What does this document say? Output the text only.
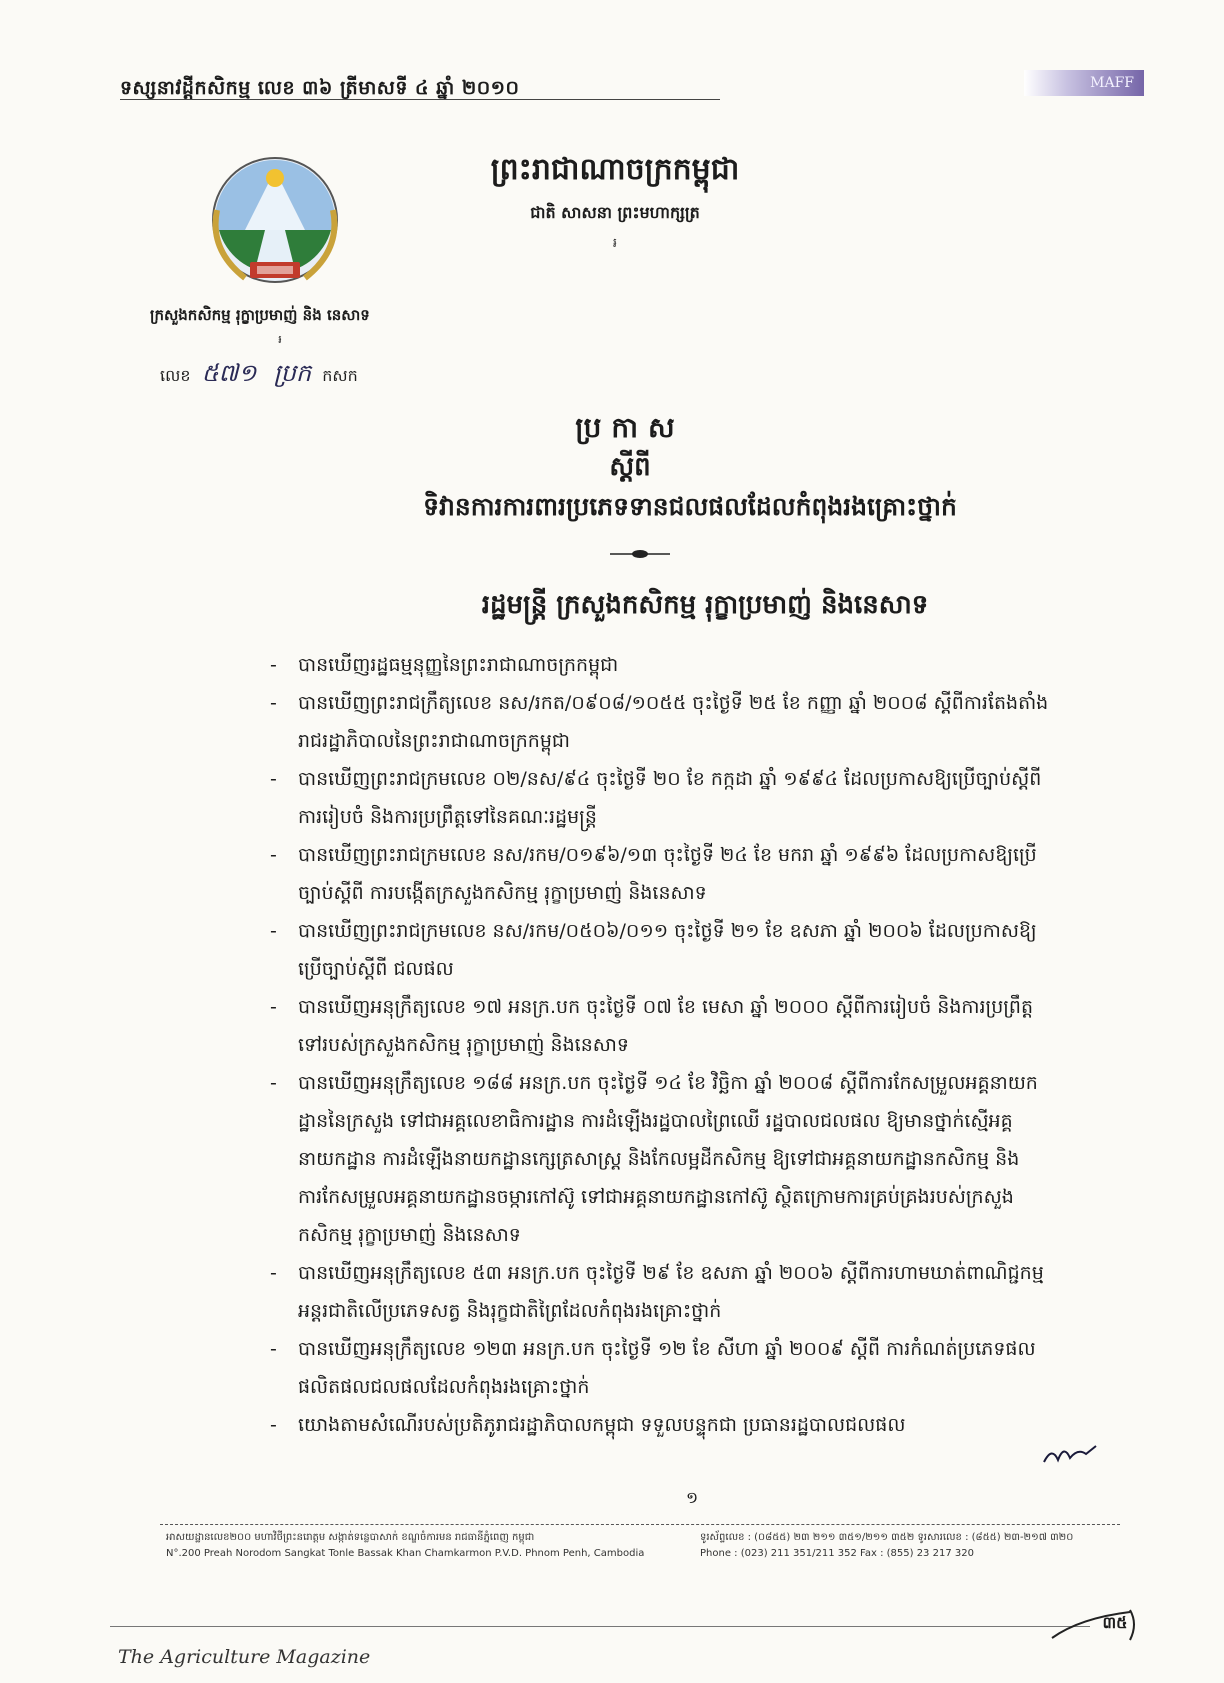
ទស្សនាវដ្តីកសិកម្ម លេខ ៣៦ ត្រីមាសទី ៤ ឆ្នាំ ២០១០	MAFF
ព្រះរាជាណាចក្រកម្ពុជា
ជាតិ សាសនា ព្រះមហាក្សត្រ
៛
ក្រសួងកសិកម្ម រុក្ខាប្រមាញ់ និង នេសាទ
៛
លេខ ៥៧១ ប្រក កសក
ប្រកាស
ស្តីពី
ទិវានការការពារប្រភេទទានជលផលដែលកំពុងរងគ្រោះថ្នាក់
រដ្ឋមន្ត្រី ក្រសួងកសិកម្ម រុក្ខាប្រមាញ់ និងនេសាទ
- បានឃើញរដ្ឋធម្មនុញ្ញនៃព្រះរាជាណាចក្រកម្ពុជា
- បានឃើញព្រះរាជក្រឹត្យលេខ នស/រកត/០៩០៨/១០៥៥ ចុះថ្ងៃទី ២៥ ខែ កញ្ញា ឆ្នាំ ២០០៨ ស្តីពីការតែងតាំងរាជរដ្ឋាភិបាលនៃព្រះរាជាណាចក្រកម្ពុជា
- បានឃើញព្រះរាជក្រមលេខ ០២/នស/៩៤ ចុះថ្ងៃទី ២០ ខែ កក្កដា ឆ្នាំ ១៩៩៤ ដែលប្រកាសឱ្យប្រើច្បាប់ស្តីពីការរៀបចំ និងការប្រព្រឹត្តទៅនៃគណៈរដ្ឋមន្ត្រី
- បានឃើញព្រះរាជក្រមលេខ នស/រកម/០១៩៦/១៣ ចុះថ្ងៃទី ២៤ ខែ មករា ឆ្នាំ ១៩៩៦ ដែលប្រកាសឱ្យប្រើច្បាប់ស្តីពី ការបង្កើតក្រសួងកសិកម្ម រុក្ខាប្រមាញ់ និងនេសាទ
- បានឃើញព្រះរាជក្រមលេខ នស/រកម/០៥០៦/០១១ ចុះថ្ងៃទី ២១ ខែ ឧសភា ឆ្នាំ ២០០៦ ដែលប្រកាសឱ្យប្រើច្បាប់ស្តីពី ជលផល
- បានឃើញអនុក្រឹត្យលេខ ១៧ អនក្រ.បក ចុះថ្ងៃទី ០៧ ខែ មេសា ឆ្នាំ ២០០០ ស្តីពីការរៀបចំ និងការប្រព្រឹត្តទៅរបស់ក្រសួងកសិកម្ម រុក្ខាប្រមាញ់ និងនេសាទ
- បានឃើញអនុក្រឹត្យលេខ ១៨៨ អនក្រ.បក ចុះថ្ងៃទី ១៤ ខែ វិច្ឆិកា ឆ្នាំ ២០០៨ ស្តីពីការកែសម្រួលអគ្គនាយកដ្ឋាននៃក្រសួង ទៅជាអគ្គលេខាធិការដ្ឋាន ការដំឡើងរដ្ឋបាលព្រៃឈើ រដ្ឋបាលជលផល ឱ្យមានថ្នាក់ស្មើអគ្គនាយកដ្ឋាន ការដំឡើងនាយកដ្ឋានក្សេត្រសាស្ត្រ និងកែលម្អដីកសិកម្ម ឱ្យទៅជាអគ្គនាយកដ្ឋានកសិកម្ម និងការកែសម្រួលអគ្គនាយកដ្ឋានចម្ការកៅស៊ូ ទៅជាអគ្គនាយកដ្ឋានកៅស៊ូ ស្ថិតក្រោមការគ្រប់គ្រងរបស់ក្រសួងកសិកម្ម រុក្ខាប្រមាញ់ និងនេសាទ
- បានឃើញអនុក្រឹត្យលេខ ៥៣ អនក្រ.បក ចុះថ្ងៃទី ២៩ ខែ ឧសភា ឆ្នាំ ២០០៦ ស្តីពីការហាមឃាត់ពាណិជ្ជកម្មអន្តរជាតិលើប្រភេទសត្វ និងរុក្ខជាតិព្រៃដែលកំពុងរងគ្រោះថ្នាក់
- បានឃើញអនុក្រឹត្យលេខ ១២៣ អនក្រ.បក ចុះថ្ងៃទី ១២ ខែ សីហា ឆ្នាំ ២០០៩ ស្តីពី ការកំណត់ប្រភេទផល ផលិតផលជលផលដែលកំពុងរងគ្រោះថ្នាក់
- យោងតាមសំណើរបស់ប្រតិភូរាជរដ្ឋាភិបាលកម្ពុជា ទទួលបន្ទុកជា ប្រធានរដ្ឋបាលជលផល
១
អាសយដ្ឋានលេខ២០០ មហាវិថីព្រះនរោត្តម សង្កាត់ទន្លេបាសាក់ ខណ្ឌចំការមន រាជធានីភ្នំពេញ កម្ពុជា
N°.200 Preah Norodom Sangkat Tonle Bassak Khan Chamkarmon P.V.D. Phnom Penh, Cambodia
ទូរស័ព្ទលេខ : (០៨៥៥) ២៣ ២១១ ៣៥១/២១១ ៣៥២ ទូរសារលេខ : (៨៥៥) ២៣-២១៧ ៣២០
Phone : (023) 211 351/211 352 Fax : (855) 23 217 320
The Agriculture Magazine
៣៥
